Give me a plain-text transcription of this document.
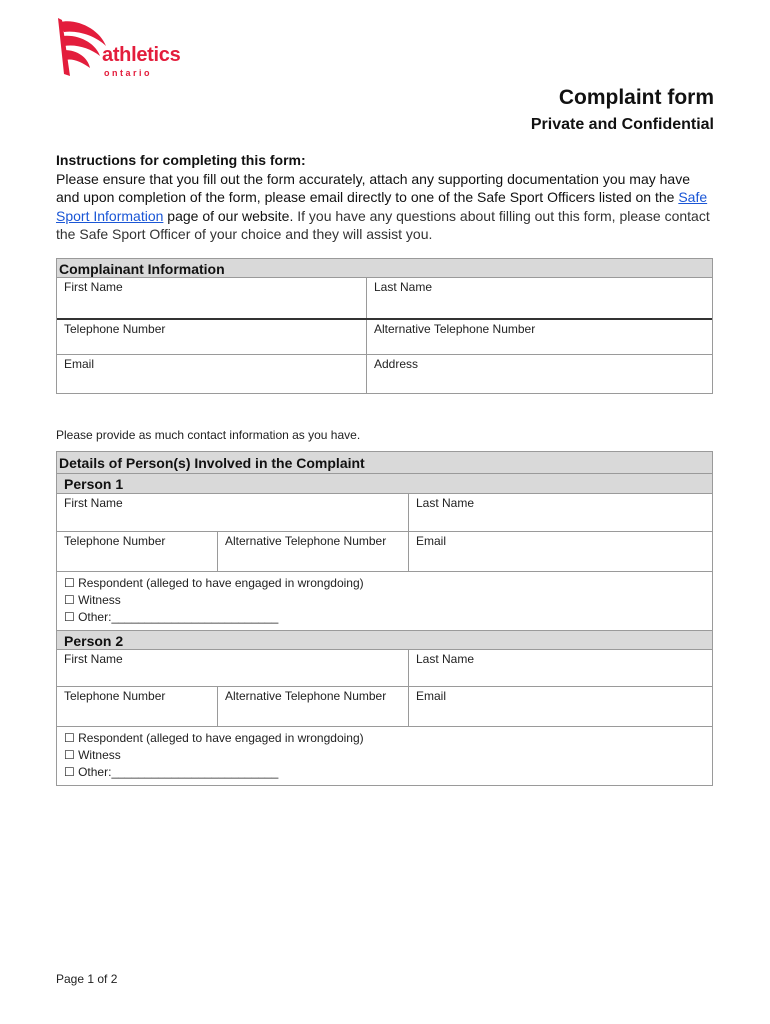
athletics
ontario
Complaint form
Private and Confidential
Instructions for completing this form:
Please ensure that you fill out the form accurately, attach any supporting documentation you may have and upon completion of the form, please email directly to one of the Safe Sport Officers listed on the Safe Sport Information page of our website. If you have any questions about filling out this form, please contact the Safe Sport Officer of your choice and they will assist you.
Complainant Information
First Name	Last Name
Telephone Number	Alternative Telephone Number
Email	Address
Please provide as much contact information as you have.
Details of Person(s) Involved in the Complaint
Person 1
First Name	Last Name
Telephone Number	Alternative Telephone Number	Email
☐ Respondent (alleged to have engaged in wrongdoing)
☐ Witness
☐ Other:_________________________
Person 2
First Name	Last Name
Telephone Number	Alternative Telephone Number	Email
☐ Respondent (alleged to have engaged in wrongdoing)
☐ Witness
☐ Other:_________________________
Page 1 of 2
